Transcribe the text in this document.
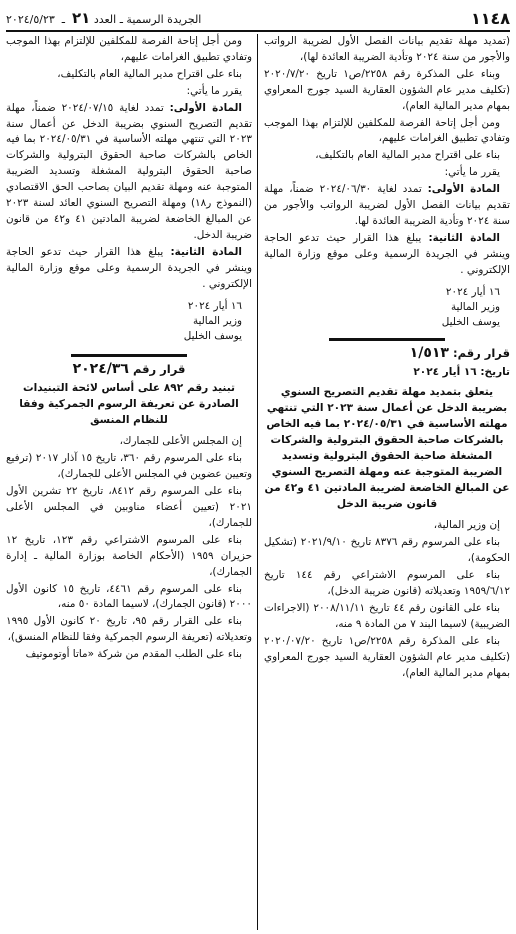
١١٤٨
الجريدة الرسمية ـ العدد ٢١  ـ  ٢٠٢٤/٥/٢٣

(تمديد مهلة تقديم بيانات الفصل الأول لضريبة الرواتب والأجور من سنة ٢٠٢٤ وتأدية الضريبة العائدة لها)،

وبناء على المذكرة رقم ٢٢٥٨/ص١ تاريخ ٢٠٢٠/٧/٢٠ (تكليف مدير عام الشؤون العقارية السيد جورج المعراوي بمهام مدير المالية العام)،

ومن أجل إتاحة الفرصة للمكلفين للإلتزام بهذا الموجب وتفادي تطبيق الغرامات عليهم،

بناء على اقتراح مدير المالية العام بالتكليف،

يقرر ما يأتي:

المادة الأولى: تمدد لغاية ٢٠٢٤/٠٦/٣٠ ضمناً، مهلة تقديم بيانات الفصل الأول لضريبة الرواتب والأجور من سنة ٢٠٢٤ وتأدية الضريبة العائدة لها.

المادة الثانية: يبلغ هذا القرار حيث تدعو الحاجة وينشر في الجريدة الرسمية وعلى موقع وزارة المالية الإلكتروني .

١٦ أيار ٢٠٢٤
وزير المالية
يوسف الخليل
قرار رقم: ١/٥١٣
تاريخ: ١٦ أيار ٢٠٢٤
يتعلق بتمديد مهلة تقديم التصريح السنوي بضريبة الدخل عن أعمال سنة ٢٠٢٣ التي تنتهي مهلته الأساسية في ٢٠٢٤/٠٥/٣١ بما فيه الخاص بالشركات صاحبة الحقوق البترولية والشركات المشغلة صاحبة الحقوق البترولية وتسديد الضريبة المتوجبة عنه ومهلة التصريح السنوي عن المبالغ الخاضعة لضريبة المادتين ٤١ و٤٢ من قانون ضريبة الدخل

إن وزير المالية،

بناء على المرسوم رقم ٨٣٧٦ تاريخ ٢٠٢١/٩/١٠ (تشكيل الحكومة)،

بناء على المرسوم الاشتراعي رقم ١٤٤ تاريخ ١٩٥٩/٦/١٢ وتعديلاته (قانون ضريبة الدخل)،

بناء على القانون رقم ٤٤ تاريخ ٢٠٠٨/١١/١١ (الاجراءات الضريبية) لاسيما البند ٧ من المادة ٩ منه،

بناء على المذكرة رقم ٢٢٥٨/ص١ تاريخ ٢٠٢٠/٠٧/٢٠ (تكليف مدير عام الشؤون العقارية السيد جورج المعراوي بمهام مدير المالية العام)،

ومن أجل إتاحة الفرصة للمكلفين للإلتزام بهذا الموجب وتفادي تطبيق الغرامات عليهم،

بناء على اقتراح مدير المالية العام بالتكليف،

يقرر ما يأتي:

المادة الأولى: تمدد لغاية ٢٠٢٤/٠٧/١٥ ضمناً، مهلة تقديم التصريح السنوي بضريبة الدخل عن أعمال سنة ٢٠٢٣ التي تنتهي مهلته الأساسية في ٢٠٢٤/٠٥/٣١ بما فيه الخاص بالشركات صاحبة الحقوق البترولية والشركات صاحبة الحقوق البترولية المشغلة وتسديد الضريبة المتوجبة عنه ومهلة تقديم البيان بصاحب الحق الاقتصادي (النموذج ر١٨) ومهلة التصريح السنوي العائد لسنة ٢٠٢٣ عن المبالغ الخاضعة لضريبة المادتين ٤١ و٤٢ من قانون ضريبة الدخل.

المادة الثانية: يبلغ هذا القرار حيث تدعو الحاجة وينشر في الجريدة الرسمية وعلى موقع وزارة المالية الإلكتروني .

١٦ أيار ٢٠٢٤
وزير المالية
يوسف الخليل
قرار رقم ٢٠٢٤/٣٦
تبنيد رقم ٨٩٢ على أساس لائحة التبنيدات الصادرة عن تعريفة الرسوم الجمركية وفقا للنظام المنسق

إن المجلس الأعلى للجمارك،

بناء على المرسوم رقم ٣٦٠، تاريخ ١٥ آذار ٢٠١٧ (ترفيع وتعيين عضوين في المجلس الأعلى للجمارك)،

بناء على المرسوم رقم ٨٤١٢، تاريخ ٢٢ تشرين الأول ٢٠٢١ (تعيين أعضاء مناوبين في المجلس الأعلى للجمارك)،

بناء على المرسوم الاشتراعي رقم ١٢٣، تاريخ ١٢ حزيران ١٩٥٩ (الأحكام الخاصة بوزارة المالية ـ إدارة الجمارك)،

بناء على المرسوم رقم ٤٤٦١، تاريخ ١٥ كانون الأول ٢٠٠٠ (قانون الجمارك)، لاسيما المادة ٥٠ منه،

بناء على القرار رقم ٩٥، تاريخ ٢٠ كانون الأول ١٩٩٥ وتعديلاته (تعريفة الرسوم الجمركية وفقا للنظام المنسق)،

بناء على الطلب المقدم من شركة «ماتا أوتوموتيف
